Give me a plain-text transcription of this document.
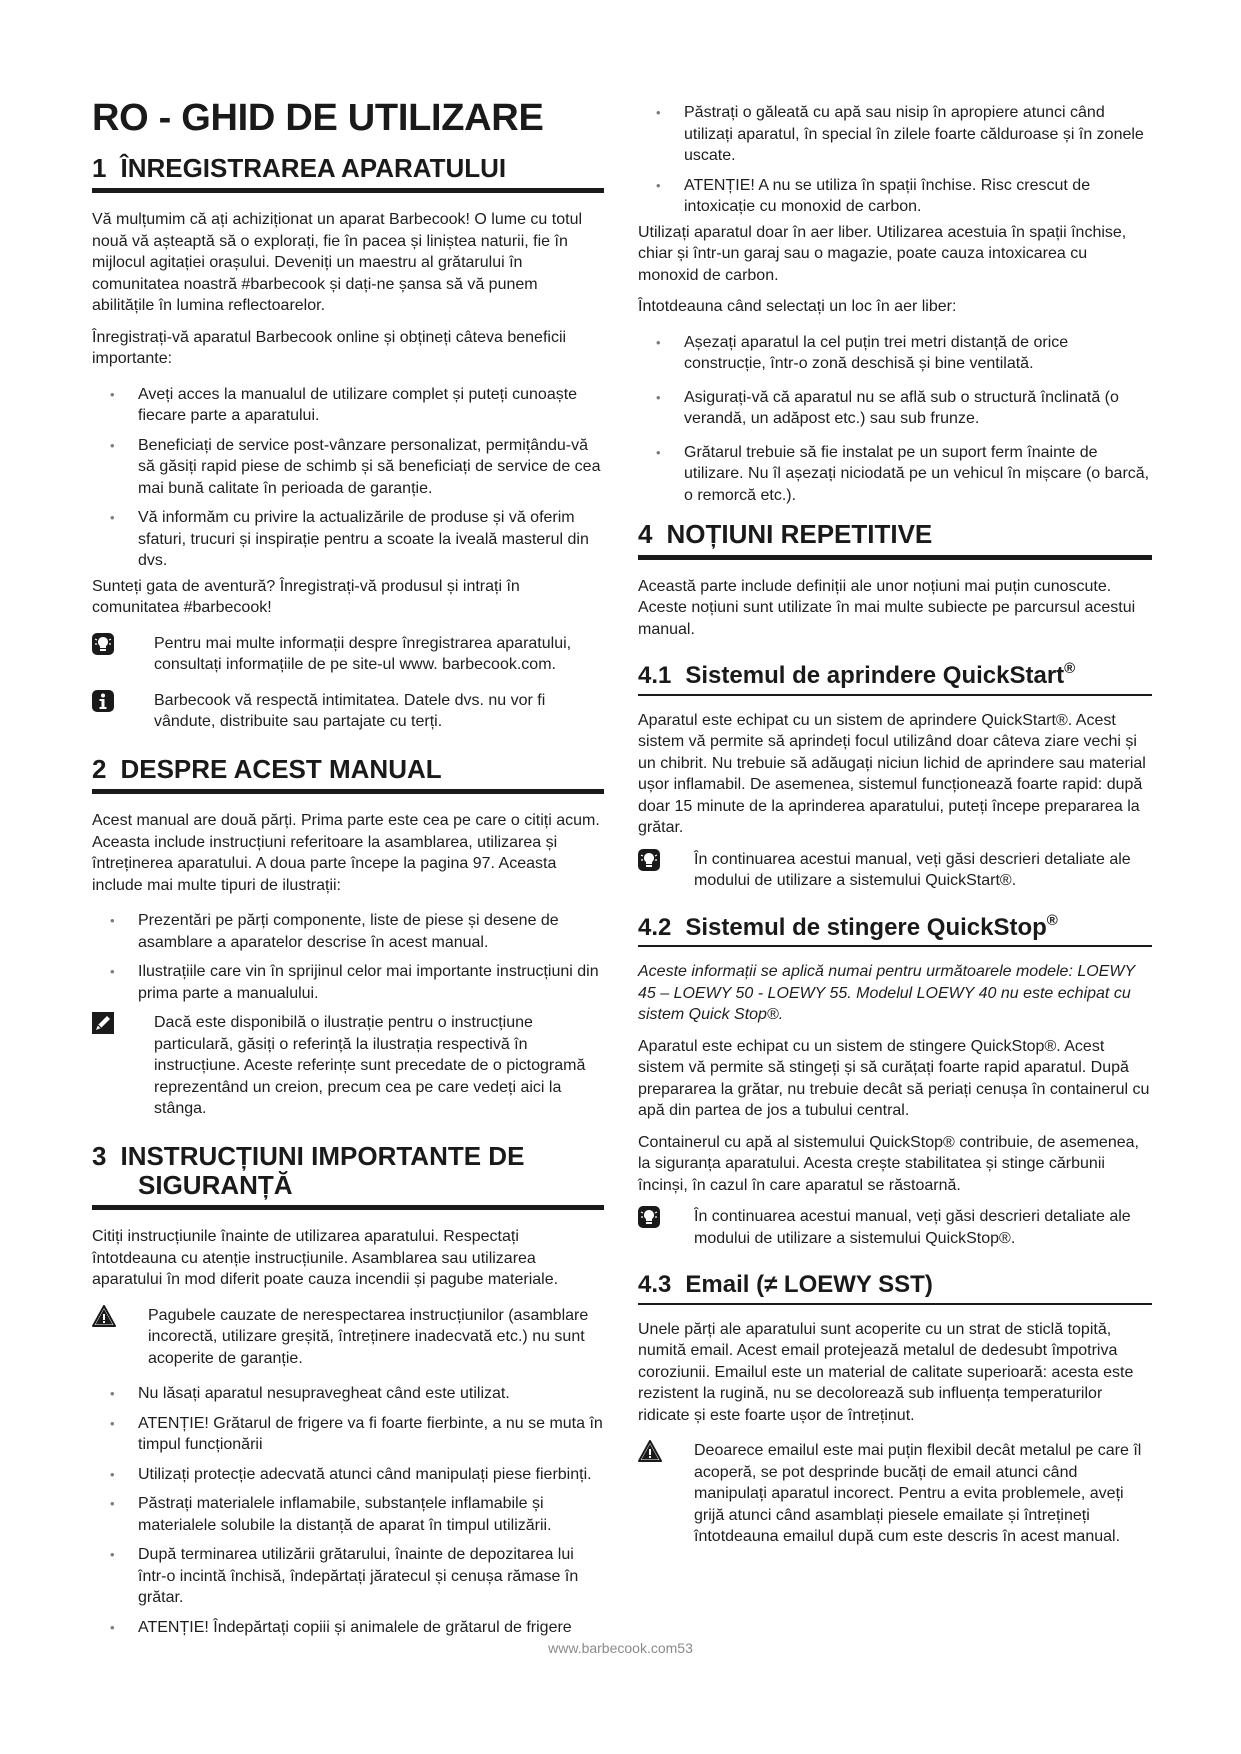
RO - GHID DE UTILIZARE
1 ÎNREGISTRAREA APARATULUI

Vă mulțumim că ați achiziționat un aparat Barbecook! O lume cu totul nouă vă așteaptă să o explorați, fie în pacea și liniștea naturii, fie în mijlocul agitației orașului. Deveniți un maestru al grătarului în comunitatea noastră #barbecook și dați-ne șansa să vă punem abilitățile în lumina reflectoarelor.

Înregistrați-vă aparatul Barbecook online și obțineți câteva beneficii importante:

• Aveți acces la manualul de utilizare complet și puteți cunoaște fiecare parte a aparatului.
• Beneficiați de service post-vânzare personalizat, permițându-vă să găsiți rapid piese de schimb și să beneficiați de service de cea mai bună calitate în perioada de garanție.
• Vă informăm cu privire la actualizările de produse și vă oferim sfaturi, trucuri și inspirație pentru a scoate la iveală masterul din dvs.

Sunteți gata de aventură? Înregistrați-vă produsul și intrați în comunitatea #barbecook!

Pentru mai multe informații despre înregistrarea aparatului, consultați informațiile de pe site-ul www. barbecook.com.
Barbecook vă respectă intimitatea. Datele dvs. nu vor fi vândute, distribuite sau partajate cu terți.
2 DESPRE ACEST MANUAL

Acest manual are două părți. Prima parte este cea pe care o citiți acum. Aceasta include instrucțiuni referitoare la asamblarea, utilizarea și întreținerea aparatului. A doua parte începe la pagina 97. Aceasta include mai multe tipuri de ilustrații:

• Prezentări pe părți componente, liste de piese și desene de asamblare a aparatelor descrise în acest manual.
• Ilustrațiile care vin în sprijinul celor mai importante instrucțiuni din prima parte a manualului.
Dacă este disponibilă o ilustrație pentru o instrucțiune particulară, găsiți o referință la ilustrația respectivă în instrucțiune. Aceste referințe sunt precedate de o pictogramă reprezentând un creion, precum cea pe care vedeți aici la stânga.
3 INSTRUCȚIUNI IMPORTANTE DE
SIGURANȚĂ

Citiți instrucțiunile înainte de utilizarea aparatului. Respectați întotdeauna cu atenție instrucțiunile. Asamblarea sau utilizarea aparatului în mod diferit poate cauza incendii și pagube materiale.

Pagubele cauzate de nerespectarea instrucțiunilor (asamblare incorectă, utilizare greșită, întreținere inadecvată etc.) nu sunt acoperite de garanție.
• Nu lăsați aparatul nesupravegheat când este utilizat.
• ATENȚIE! Grătarul de frigere va fi foarte fierbinte, a nu se muta în timpul funcționării
• Utilizați protecție adecvată atunci când manipulați piese fierbinți.
• Păstrați materialele inflamabile, substanțele inflamabile și materialele solubile la distanță de aparat în timpul utilizării.
• După terminarea utilizării grătarului, înainte de depozitarea lui într-o incintă închisă, îndepărtați jăratecul și cenușa rămase în grătar.
• ATENȚIE! Îndepărtați copiii și animalele de grătarul de frigere
• Păstrați o găleată cu apă sau nisip în apropiere atunci când utilizați aparatul, în special în zilele foarte călduroase și în zonele uscate.
• ATENȚIE! A nu se utiliza în spații închise. Risc crescut de intoxicație cu monoxid de carbon.

Utilizați aparatul doar în aer liber. Utilizarea acestuia în spații închise, chiar și într-un garaj sau o magazie, poate cauza intoxicarea cu monoxid de carbon.

Întotdeauna când selectați un loc în aer liber:

• Așezați aparatul la cel puțin trei metri distanță de orice construcție, într-o zonă deschisă și bine ventilată.
• Asigurați-vă că aparatul nu se află sub o structură înclinată (o verandă, un adăpost etc.) sau sub frunze.
• Grătarul trebuie să fie instalat pe un suport ferm înainte de utilizare. Nu îl așezați niciodată pe un vehicul în mișcare (o barcă, o remorcă etc.).
4 NOȚIUNI REPETITIVE

Această parte include definiții ale unor noțiuni mai puțin cunoscute. Aceste noțiuni sunt utilizate în mai multe subiecte pe parcursul acestui manual.

4.1 Sistemul de aprindere QuickStart®

Aparatul este echipat cu un sistem de aprindere QuickStart®. Acest sistem vă permite să aprindeți focul utilizând doar câteva ziare vechi și un chibrit. Nu trebuie să adăugați niciun lichid de aprindere sau material ușor inflamabil. De asemenea, sistemul funcționează foarte rapid: după doar 15 minute de la aprinderea aparatului, puteți începe prepararea la grătar.

În continuarea acestui manual, veți găsi descrieri detaliate ale modului de utilizare a sistemului QuickStart®.
4.2 Sistemul de stingere QuickStop®

Aceste informații se aplică numai pentru următoarele modele: LOEWY 45 – LOEWY 50 - LOEWY 55. Modelul LOEWY 40 nu este echipat cu sistem Quick Stop®.

Aparatul este echipat cu un sistem de stingere QuickStop®. Acest sistem vă permite să stingeți și să curățați foarte rapid aparatul. După prepararea la grătar, nu trebuie decât să periați cenușa în containerul cu apă din partea de jos a tubului central.

Containerul cu apă al sistemului QuickStop® contribuie, de asemenea, la siguranța aparatului. Acesta crește stabilitatea și stinge cărbunii încinși, în cazul în care aparatul se răstoarnă.

În continuarea acestui manual, veți găsi descrieri detaliate ale modului de utilizare a sistemului QuickStop®.
4.3 Email (≠ LOEWY SST)

Unele părți ale aparatului sunt acoperite cu un strat de sticlă topită, numită email. Acest email protejează metalul de dedesubt împotriva coroziunii. Emailul este un material de calitate superioară: acesta este rezistent la rugină, nu se decolorează sub influența temperaturilor ridicate și este foarte ușor de întreținut.

Deoarece emailul este mai puțin flexibil decât metalul pe care îl acoperă, se pot desprinde bucăți de email atunci când manipulați aparatul incorect. Pentru a evita problemele, aveți grijă atunci când asamblați piesele emailate și întrețineți întotdeauna emailul după cum este descris în acest manual.
www.barbecook.com53
